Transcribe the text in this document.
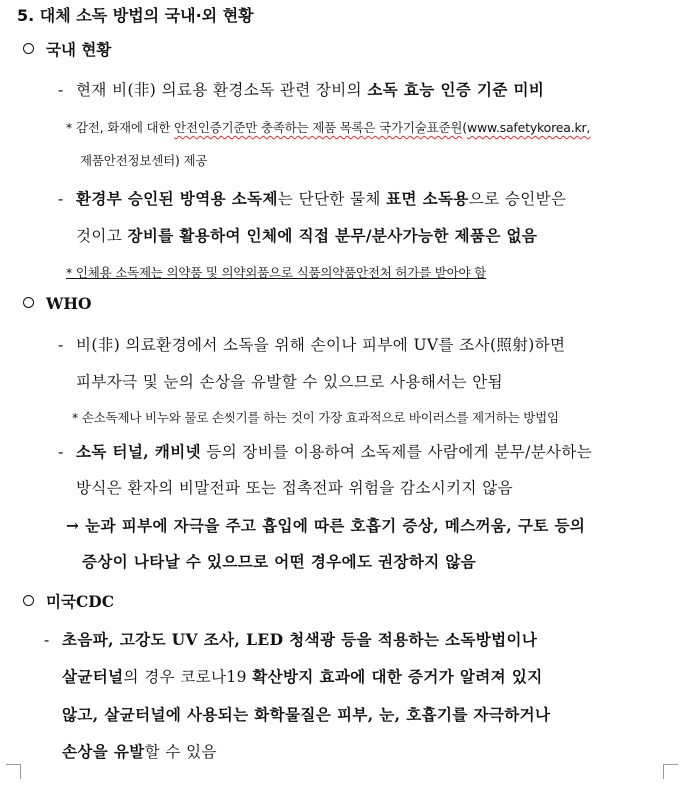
5. 대체 소독 방법의 국내·외 현황
국내 현황
- 현재 비(非) 의료용 환경소독 관련 장비의 소독 효능 인증 기준 미비
* 감전, 화재에 대한 안전인증기준만 충족하는 제품 목록은 국가기술표준원(www.safetykorea.kr,
제품안전정보센터) 제공
- 환경부 승인된 방역용 소독제는 단단한 물체 표면 소독용으로 승인받은
것이고 장비를 활용하여 인체에 직접 분무/분사가능한 제품은 없음
* 인체용 소독제는 의약품 및 의약외품으로 식품의약품안전처 허가를 받아야 함
WHO
- 비(非) 의료환경에서 소독을 위해 손이나 피부에 UV를 조사(照射)하면
피부자극 및 눈의 손상을 유발할 수 있으므로 사용해서는 안됨
* 손소독제나 비누와 물로 손씻기를 하는 것이 가장 효과적으로 바이러스를 제거하는 방법임
- 소독 터널, 캐비넷 등의 장비를 이용하여 소독제를 사람에게 분무/분사하는
방식은 환자의 비말전파 또는 접촉전파 위험을 감소시키지 않음
→ 눈과 피부에 자극을 주고 흡입에 따른 호흡기 증상, 메스꺼움, 구토 등의
증상이 나타날 수 있으므로 어떤 경우에도 권장하지 않음
미국CDC
- 초음파, 고강도 UV 조사, LED 청색광 등을 적용하는 소독방법이나
살균터널의 경우 코로나19 확산방지 효과에 대한 증거가 알려져 있지
않고, 살균터널에 사용되는 화학물질은 피부, 눈, 호흡기를 자극하거나
손상을 유발할 수 있음
